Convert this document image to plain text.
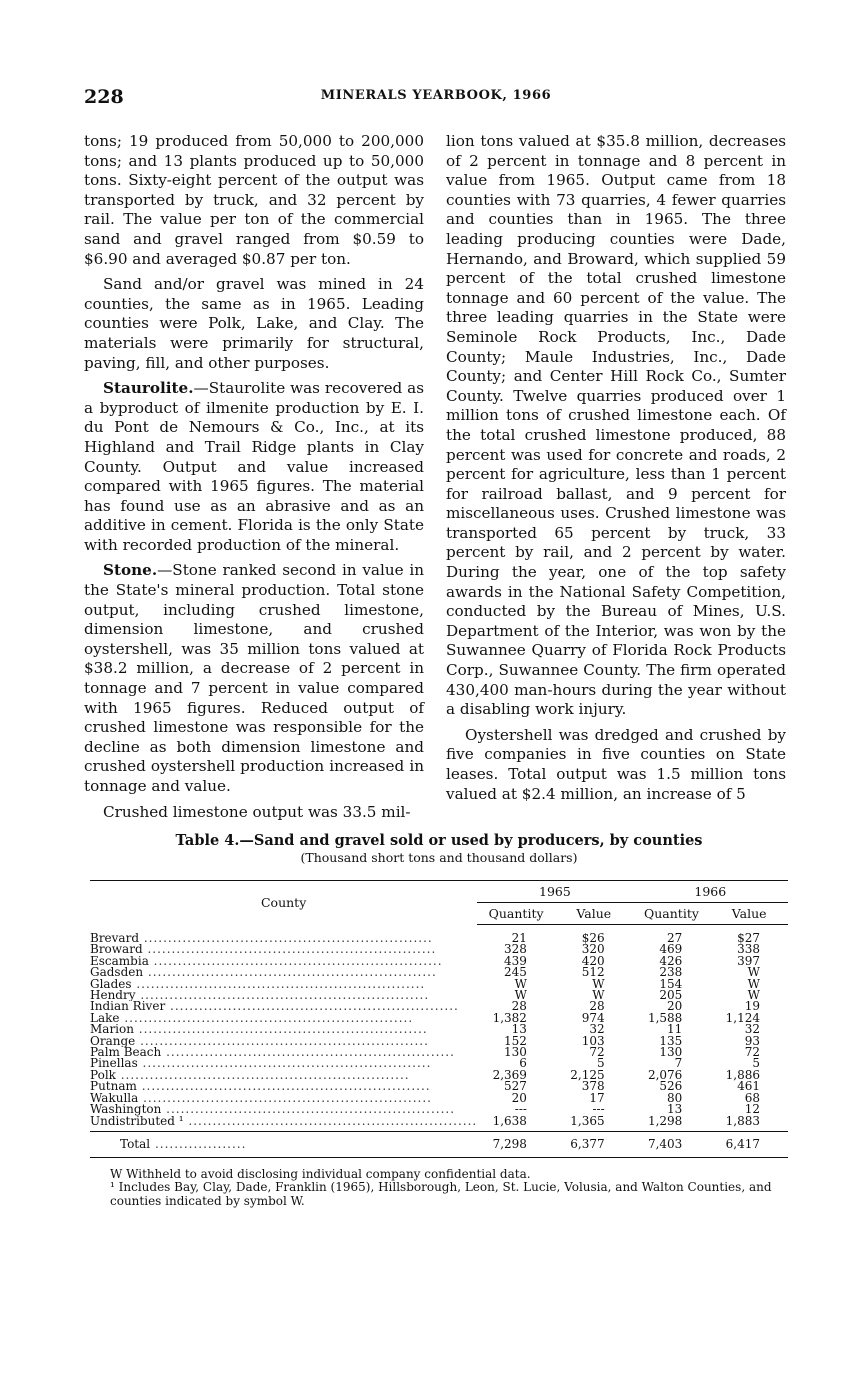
228	MINERALS YEARBOOK, 1966

tons; 19 produced from 50,000 to 200,000 tons; and 13 plants produced up to 50,000 tons. Sixty-eight percent of the output was transported by truck, and 32 percent by rail. The value per ton of the commercial sand and gravel ranged from $0.59 to $6.90 and averaged $0.87 per ton.

Sand and/or gravel was mined in 24 counties, the same as in 1965. Leading counties were Polk, Lake, and Clay. The materials were primarily for structural, paving, fill, and other purposes.

Staurolite.—Staurolite was recovered as a byproduct of ilmenite production by E. I. du Pont de Nemours & Co., Inc., at its Highland and Trail Ridge plants in Clay County. Output and value increased compared with 1965 figures. The material has found use as an abrasive and as an additive in cement. Florida is the only State with recorded production of the mineral.

Stone.—Stone ranked second in value in the State's mineral production. Total stone output, including crushed limestone, dimension limestone, and crushed oystershell, was 35 million tons valued at $38.2 million, a decrease of 2 percent in tonnage and 7 percent in value compared with 1965 figures. Reduced output of crushed limestone was responsible for the decline as both dimension limestone and crushed oystershell production increased in tonnage and value.

Crushed limestone output was 33.5 mil-

lion tons valued at $35.8 million, decreases of 2 percent in tonnage and 8 percent in value from 1965. Output came from 18 counties with 73 quarries, 4 fewer quarries and counties than in 1965. The three leading producing counties were Dade, Hernando, and Broward, which supplied 59 percent of the total crushed limestone tonnage and 60 percent of the value. The three leading quarries in the State were Seminole Rock Products, Inc., Dade County; Maule Industries, Inc., Dade County; and Center Hill Rock Co., Sumter County. Twelve quarries produced over 1 million tons of crushed limestone each. Of the total crushed limestone produced, 88 percent was used for concrete and roads, 2 percent for agriculture, less than 1 percent for railroad ballast, and 9 percent for miscellaneous uses. Crushed limestone was transported 65 percent by truck, 33 percent by rail, and 2 percent by water. During the year, one of the top safety awards in the National Safety Competition, conducted by the Bureau of Mines, U.S. Department of the Interior, was won by the Suwannee Quarry of Florida Rock Products Corp., Suwannee County. The firm operated 430,400 man-hours during the year without a disabling work injury.

Oystershell was dredged and crushed by five companies in five counties on State leases. Total output was 1.5 million tons valued at $2.4 million, an increase of 5

Table 4.—Sand and gravel sold or used by producers, by counties
(Thousand short tons and thousand dollars)
County	1965		1966	
	Quantity	Value	Quantity	Value
Brevard ............................................................	21	$26	27	$27
Broward ............................................................	328	320	469	338
Escambia ............................................................	439	420	426	397
Gadsden ............................................................	245	512	238	W
Glades ............................................................	W	W	154	W
Hendry ............................................................	W	W	205	W
Indian River ............................................................	28	28	20	19
Lake ............................................................	1,382	974	1,588	1,124
Marion ............................................................	13	32	11	32
Orange ............................................................	152	103	135	93
Palm Beach ............................................................	130	72	130	72
Pinellas ............................................................	6	5	7	5
Polk ............................................................	2,369	2,125	2,076	1,886
Putnam ............................................................	527	378	526	461
Wakulla ............................................................	20	17	80	68
Washington ............................................................	---	---	13	12
Undistributed ¹ ............................................................	1,638	1,365	1,298	1,883
Total ...................	7,298	6,377	7,403	6,417

W Withheld to avoid disclosing individual company confidential data.

¹ Includes Bay, Clay, Dade, Franklin (1965), Hillsborough, Leon, St. Lucie, Volusia, and Walton Counties, and counties indicated by symbol W.
